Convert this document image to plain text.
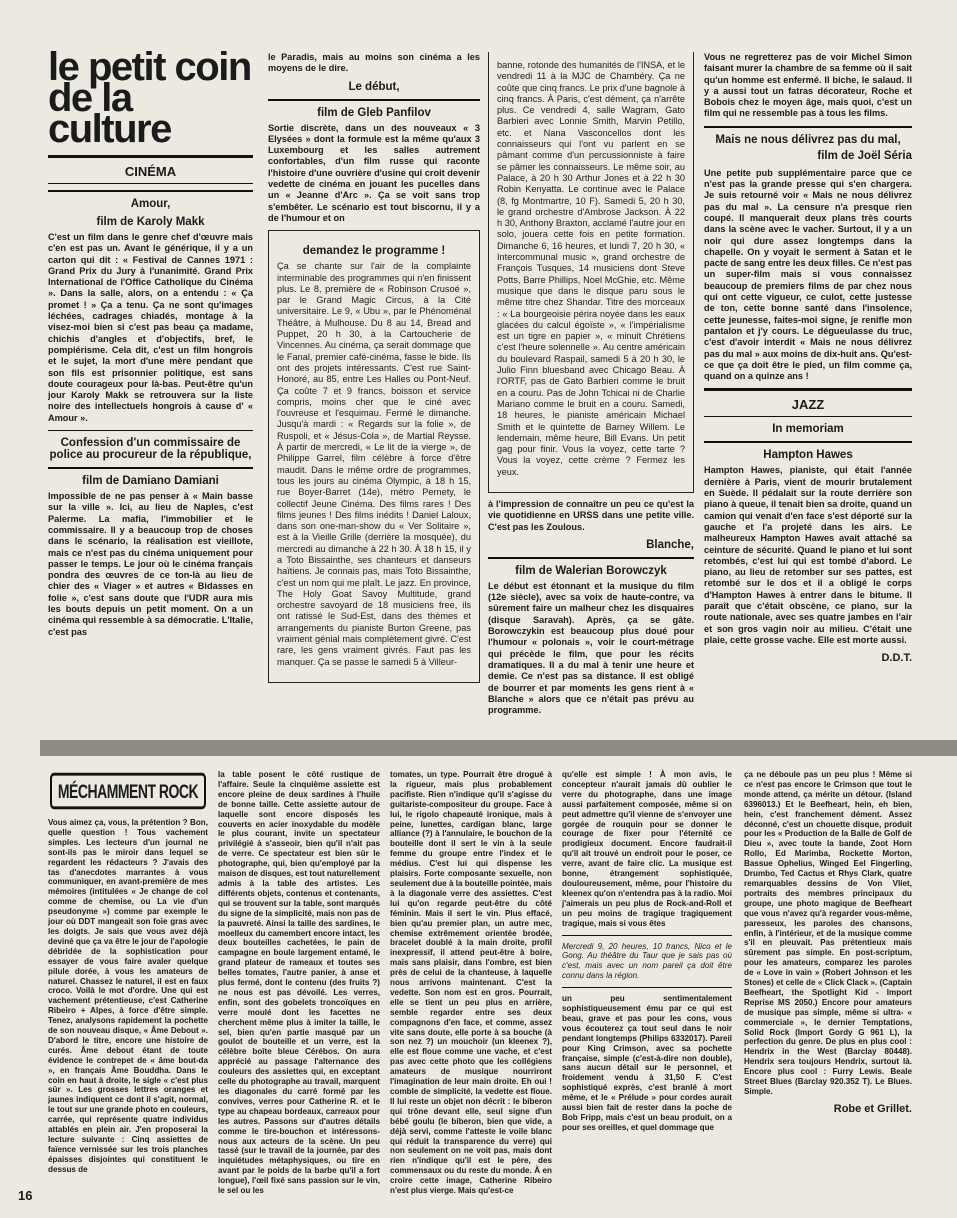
le petit coin de la culture
CINÉMA
Amour,
film de Karoly Makk

C'est un film dans le genre chef d'œuvre mais c'en est pas un. Avant le générique, il y a un carton qui dit : « Festival de Cannes 1971 : Grand Prix du Jury à l'unanimité. Grand Prix International de l'Office Catholique du Cinéma ». Dans la salle, alors, on a entendu : « Ça promet ! » Ça a tenu. Ça ne sont qu'images léchées, cadrages chiadés, montage à la visez-moi bien si c'est pas beau ça madame, chichis d'angles et d'objectifs, bref, le pompiérisme. Cela dit, c'est un film hongrois et le sujet, la mort d'une mère pendant que son fils est prisonnier politique, est sans doute courageux pour là-bas. Peut-être qu'un jour Karoly Makk se retrouvera sur la liste noire des intellectuels hongrois à cause d' « Amour ».

Confession d'un commissaire de police au procureur de la république,
film de Damiano Damiani

Impossible de ne pas penser à « Main basse sur la ville ». Ici, au lieu de Naples, c'est Palerme. La mafia, l'immobilier et le commissaire. Il y a beaucoup trop de choses dans le scénario, la réalisation est vieillote, mais ce n'est pas du cinéma uniquement pour passer le temps. Le jour où le cinéma français pondra des œuvres de ce ton-là au lieu de chier des « Viager » et autres « Bidasses en folie », c'est sans doute que l'UDR aura mis les bouts depuis un petit moment. On a un cinéma qui ressemble à sa démocratie. L'Italie, c'est pas

le Paradis, mais au moins son cinéma a les moyens de le dire.

Le début,
film de Gleb Panfilov

Sortie discrète, dans un des nouveaux « 3 Elysées » dont la formule est la même qu'aux 3 Luxembourg et les salles autrement confortables, d'un film russe qui raconte l'histoire d'une ouvrière d'usine qui croit devenir vedette de cinéma en jouant les pucelles dans un « Jeanne d'Arc ». Ça se voit sans trop s'embêter. Le scénario est tout biscornu, il y a de l'humour et on

demandez le programme !

Ça se chante sur l'air de la complainte interminable des programmes qui n'en finissent plus. Le 8, première de « Robinson Crusoé », par le Grand Magic Circus, à la Cité universitaire. Le 9, « Ubu », par le Phénoménal Théâtre, à Mulhouse. Du 8 au 14, Bread and Puppet, 20 h 30, à la Cartoucherie de Vincennes. Au cinéma, ça serait dommage que le Fanal, premier café-cinéma, fasse le bide. Ils ont des projets intéressants. C'est rue Saint-Honoré, au 85, entre Les Halles ou Pont-Neuf. Ça coûte 7 et 9 francs, boisson et service compris, moins cher que le ciné avec l'ouvreuse et l'esquimau. Fermé le dimanche. Jusqu'à mardi : « Regards sur la folie », de Ruspoli, et « Jésus-Cola », de Martial Reysse. À partir de mercredi, « Le lit de la vierge », de Philippe Garrel, film célèbre à force d'être maudit. Dans le même ordre de programmes, tous les jours au cinéma Olympic, à 18 h 15, rue Boyer-Barret (14e), métro Pernety, le collectif Jeune Cinéma. Des films rares ! Des films jeunes ! Des films inédits ! Daniel Laloux, dans son one-man-show du « Ver Solitaire », est à la Vieille Grille (derrière la mosquée), du mercredi au dimanche à 22 h 30. À 18 h 15, il y a Toto Bissainthe, ses chanteurs et danseurs haïtiens. Je connais pas, mais Toto Bissainthe, c'est un nom qui me plaît. Le jazz. En province, The Holy Goat Savoy Multitude, grand orchestre savoyard de 18 musiciens free, ils ont ratissé le Sud-Est, dans des thèmes et arrangements du pianiste Burton Greene, pas vraiment génial mais complètement givré. C'est rare, les gens vraiment givrés. Faut pas les manquer. Ça se passe le samedi 5 à Villeur-

banne, rotonde des humanités de l'INSA, et le vendredi 11 à la MJC de Chambéry. Ça ne coûte que cinq francs. Le prix d'une bagnole à cinq francs. À Paris, c'est dément, ça n'arrête plus. Ce vendredi 4, salle Wagram, Gato Barbieri avec Lonnie Smith, Marvin Petillo, etc. et Nana Vasconcellos dont les connaisseurs qui l'ont vu parlent en se pâmant comme d'un percussionniste à faire se pâmer les connaisseurs. Le même soir, au Palace, à 20 h 30 Arthur Jones et à 22 h 30 Robin Kenyatta. Le continue avec le Palace (8, fg Montmartre, 10 F). Samedi 5, 20 h 30, le grand orchestre d'Ambrose Jackson. À 22 h 30, Anthony Braxton, acclamé l'autre jour en solo, jouera cette fois en petite formation. Dimanche 6, 16 heures, et lundi 7, 20 h 30, « Intercommunal music », grand orchestre de François Tusques, 14 musiciens dont Steve Potts, Barre Phillips, Noel McGhie, etc. Même musique que dans le disque paru sous le même titre chez Shandar. Titre des morceaux : « La bourgeoisie périra noyée dans les eaux glacées du calcul égoïste », « l'impérialisme est un tigre en papier », « minuit Chrétiens c'est l'heure solennelle ». Au centre américain du boulevard Raspail, samedi 5 à 20 h 30, le Julio Finn bluesband avec Chicago Beau. À l'ORTF, pas de Gato Barbieri comme le bruit en a couru. Pas de John Tchicai ni de Charlie Mariano comme le bruit en a couru. Samedi, 18 heures, le pianiste américain Michael Smith et le quintette de Barney Willem. Le lendemain, même heure, Bill Evans. Un petit gag pour finir. Vous la voyez, cette tarte ? Vous la voyez, cette crème ? Fermez les yeux.

à l'impression de connaître un peu ce qu'est la vie quotidienne en URSS dans une petite ville. C'est pas les Zoulous.

Blanche,
film de Walerian Borowczyk

Le début est étonnant et la musique du film (12e siècle), avec sa voix de haute-contre, va sûrement faire un malheur chez les disquaires (disque Saravah). Après, ça se gâte. Borowczykin est beaucoup plus doué pour l'humour « polonais », voir le court-métrage qui précède le film, que pour les récits dramatiques. Il a du mal à tenir une heure et demie. Ce n'est pas sa distance. Il est obligé de bourrer et par moments les gens rient à « Blanche » alors que ce n'était pas prévu au programme.

Vous ne regretterez pas de voir Michel Simon faisant murer la chambre de sa femme où il sait qu'un homme est enfermé. Il biche, le salaud. Il y a aussi tout un fatras décorateur, Roche et Bobois chez le moyen âge, mais quoi, c'est un film qui ne ressemble pas à tous les films.

Mais ne nous délivrez pas du mal,
film de Joël Séria

Une petite pub supplémentaire parce que ce n'est pas la grande presse qui s'en chargera. Je suis retourné voir « Mais ne nous délivrez pas du mal ». La censure n'a presque rien coupé. Il manquerait deux plans très courts dans la scène avec le vacher. Surtout, il y a un noir qui dure assez longtemps dans la chapelle. On y voyait le serment à Satan et le pacte de sang entre les deux filles. Ce n'est pas un super-film mais si vous connaissez beaucoup de premiers films de par chez nous qui ont cette vigueur, ce culot, cette justesse de ton, cette bonne santé dans l'insolence, cette jeunesse, faites-moi signe, je renifle mon pantalon et j'y cours. Le dégueulasse du truc, c'est d'avoir interdit « Mais ne nous délivrez pas du mal » aux moins de dix-huit ans. Qu'est-ce que ça doit être le pied, un film comme ça, quand on a quinze ans !

JAZZ
In memoriam
Hampton Hawes

Hampton Hawes, pianiste, qui était l'année dernière à Paris, vient de mourir brutalement en Suède. Il pédalait sur la route derrière son piano à queue, il tenait bien sa droite, quand un camion qui venait d'en face s'est déporté sur la gauche et l'a projeté dans les airs. Le malheureux Hampton Hawes avait attaché sa ceinture de sécurité. Quand le piano et lui sont retombés, c'est lui qui est tombé d'abord. Le piano, au lieu de retomber sur ses pattes, est retombé sur le dos et il a obligé le corps d'Hampton Hawes à entrer dans le bitume. Il paraît que c'était obscène, ce piano, sur la route nationale, avec ses quatre jambes en l'air et son gros vagin noir au milieu. C'était une plaie, cette grosse vache. Elle est morte aussi.

D.D.T.
MÉCHAMMENT ROCK

Vous aimez ça, vous, la prétention ? Bon, quelle question ! Tous vachement simples. Les lecteurs d'un journal ne sont-ils pas le miroir dans lequel se regardent les rédacteurs ? J'avais des tas d'anecdotes marrantes à vous communiquer, en avant-première de mes mémoires (intitulées « Je change de col comme de chemise, ou La vie d'un pseudonyme ») comme par exemple le jour où DDT mangeait son foie gras avec les doigts. Je sais que vous avez déjà deviné que ça va être le jour de l'apologie débridée de la sophistication pour essayer de vous faire avaler quelque pilule dorée, à vous les amateurs de naturel. Chassez le naturel, il est en faux croco. Voilà le mot d'ordre. Une qui est vachement prétentieuse, c'est Catherine Ribeiro + Alpes, à force d'être simple. Tenez, analysons rapidement la pochette de son nouveau disque, « Âme Debout ». D'abord le titre, encore une histoire de curés. Âme debout étant de toute évidence le contrepet de « âme bout-da », en français Âme Bouddha. Dans le coin en haut à droite, le sigle « c'est plus sûr ». Les grosses lettres oranges et jaunes indiquent ce dont il s'agit, normal, le tout sur une grande photo en couleurs, carrée, qui représente quatre individus attablés en plein air. J'en proposerai la lecture suivante : Cinq assiettes de faïence vernissée sur les trois planches épaisses disjointes qui constituent le dessus de

la table posent le côté rustique de l'affaire. Seule la cinquième assiette est encore pleine de deux sardines à l'huile de bonne taille. Cette assiette autour de laquelle sont encore disposés les couverts en acier inoxydable du modèle le plus courant, invite un spectateur privilégié à s'asseoir, bien qu'il n'ait pas de verre. Ce spectateur est bien sûr le photographe, qui, bien qu'employé par la maison de disques, est tout naturellement admis à la table des artistes. Les différents objets, contenus et contenants, qui se trouvent sur la table, sont marqués du signe de la simplicité, mais non pas de la pauvreté. Ainsi la taille des sardines, le moelleux du camembert encore intact, les deux bouteilles cachetées, le pain de campagne en boule largement entamé, le grand plateur de rameaux et toutes ses belles tomates, l'autre panier, à anse et plus fermé, dont le contenu (des fruits ?) ne nous est pas dévoilé. Les verres, enfin, sont des gobelets troncoïques en verre moulé dont les facettes ne cherchent même plus à imiter la taille, le sel, bien qu'en partie masqué par un goulot de bouteille et un verre, est la célèbre boîte bleue Cérébos. On aura apprécié au passage l'alternance des couleurs des assiettes qui, en exceptant celle du photographe au travail, marquent les diagonales du carré formé par les convives, verres pour Catherine R. et le type au chapeau bordeaux, carreaux pour les autres. Passons sur d'autres détails comme le tire-bouchon et intéressons-nous aux acteurs de la scène. Un peu tassé (sur le travail de la journée, par des inquiétudes métaphysiques, ou tire en avant par le poids de la barbe qu'il a fort longue), l'œil fixé sans passion sur le vin, le sel ou les

tomates, un type. Pourrait être drogué à la rigueur, mais plus probablement pacifiste. Rien n'indique qu'il s'agisse du guitariste-compositeur du groupe. Face à lui, le rigolo chapeauté ironique, mais à peine, lunettes, cardigan blanc, large alliance (?) à l'annulaire, le bouchon de la bouteille dont il sert le vin à la seule femme du groupe entre l'index et le médius. C'est lui qui dispense les plaisirs. Forte composante sexuelle, non seulement due à la bouteille pointée, mais à la diagonale verre des assiettes. C'est lui qu'on regarde peut-être du côté féminin. Mais il sert le vin. Plus effacé, bien qu'au premier plan, un autre mec, chemise extrêmement orientée brodée, bracelet doublé à la main droite, profil inexpressif, il attend peut-être à boire, mais sans plaisir, dans l'ombre, est bien près de celui de la chanteuse, à laquelle nous arrivons maintenant. C'est la vedette. Son nom est en gros. Pourrait, elle se tient un peu plus en arrière, semble regarder entre ses deux compagnons d'en face, et comme, assez vite sans doute, elle porte à sa bouche (à son nez ?) un mouchoir (un kleenex ?), elle est floue comme une vache, et c'est pas avec cette photo que les collégiens amateurs de musique nourriront l'imagination de leur main droite. Eh oui ! comble de simplicité, la vedette est floue. Il lui reste un objet non décrit : le biberon qui trône devant elle, seul signe d'un bébé goulu (le biberon, bien que vide, a déjà servi, comme l'atteste le voile blanc qui réduit la transparence du verre) qui non seulement on ne voit pas, mais dont rien n'indique qu'il est le père, des commensaux ou du reste du monde. À en croire cette image, Catherine Ribeiro n'est plus vierge. Mais qu'est-ce

qu'elle est simple ! À mon avis, le concepteur n'aurait jamais dû oublier le verre du photographe, dans une image aussi parfaitement composée, même si on peut admettre qu'il vienne de s'envoyer une gorgée de rouquin pour se donner le courage de fixer pour l'éternité ce prodigieux document. Encore faudrait-il qu'il ait trouvé un endroit pour le poser, ce verre, avant de faire clic. La musique est bonne, étrangement sophistiquée, douloureusement, même, pour l'histoire du kleenex qu'on n'entendra pas à la radio. Moi j'aimerais un peu plus de Rock-and-Roll et un peu moins de tragique tragiquement tragique, mais si vous êtes

Mercredi 9, 20 heures, 10 francs, Nico et le Gong. Au théâtre du Taur que je sais pas où c'est, mais avec un nom pareil ça doit être connu dans la région.

un peu sentimentalement sophistiqueusement ému par ce qui est beau, grave et pas pour les cons, vous vous écouterez ça tout seul dans le noir pendant longtemps (Philips 6332017). Pareil pour King Crimson, avec sa pochette française, simple (c'est-à-dire non double), sans aucun détail sur le personnel, et froidement vendu à 31,50 F. C'est sophistiqué exprès, c'est branlé à mort même, et le « Prélude » pour cordes aurait aussi bien fait de rester dans la poche de Bob Fripp, mais c'est un beau produit, on a pour ses oreilles, et quel dommage que

ça ne déboule pas un peu plus ! Même si ce n'est pas encore le Crimson que tout le monde attend, ça mérite un détour. (Island 6396013.) Et le Beefheart, hein, eh bien, hein, c'est franchement dément. Assez déconné, c'est un chouette disque, produit pour les « Production de la Balle de Golf de Dieu », avec toute la bande, Zoot Horn Rollo, Ed Marimba, Rockette Morton, Bassue Ophelius, Winged Eel Fingerling, Drumbo, Ted Cactus et Rhys Clark, quatre remarquables dessins de Von Vliet, portraits des membres principaux du groupe, une photo magique de Beefheart que vous n'avez qu'à regarder vous-même, paresseux, les paroles des chansons, enfin, à l'intérieur, et de la musique comme s'il en pleuvait. Pas prétentieux mais sûrement pas simple. En post-scriptum, pour les amateurs, comparez les paroles de « Love in vain » (Robert Johnson et les Stones) et celle de « Click Clack ». (Captain Beefheart, the Spotlight Kid - Import Reprise MS 2050.) Encore pour amateurs de musique pas simple, même si ultra- « commerciale », le dernier Temptations, Solid Rock (Import Gordy G 961 L), la perfection du genre. De plus en plus cool : Hendrix in the West (Barclay 80448). Hendrix sera toujours Hendrix, surtout là. Encore plus cool : Furry Lewis. Beale Street Blues (Barclay 920.352 T). Le Blues. Simple.

Robe et Grillet.
16
